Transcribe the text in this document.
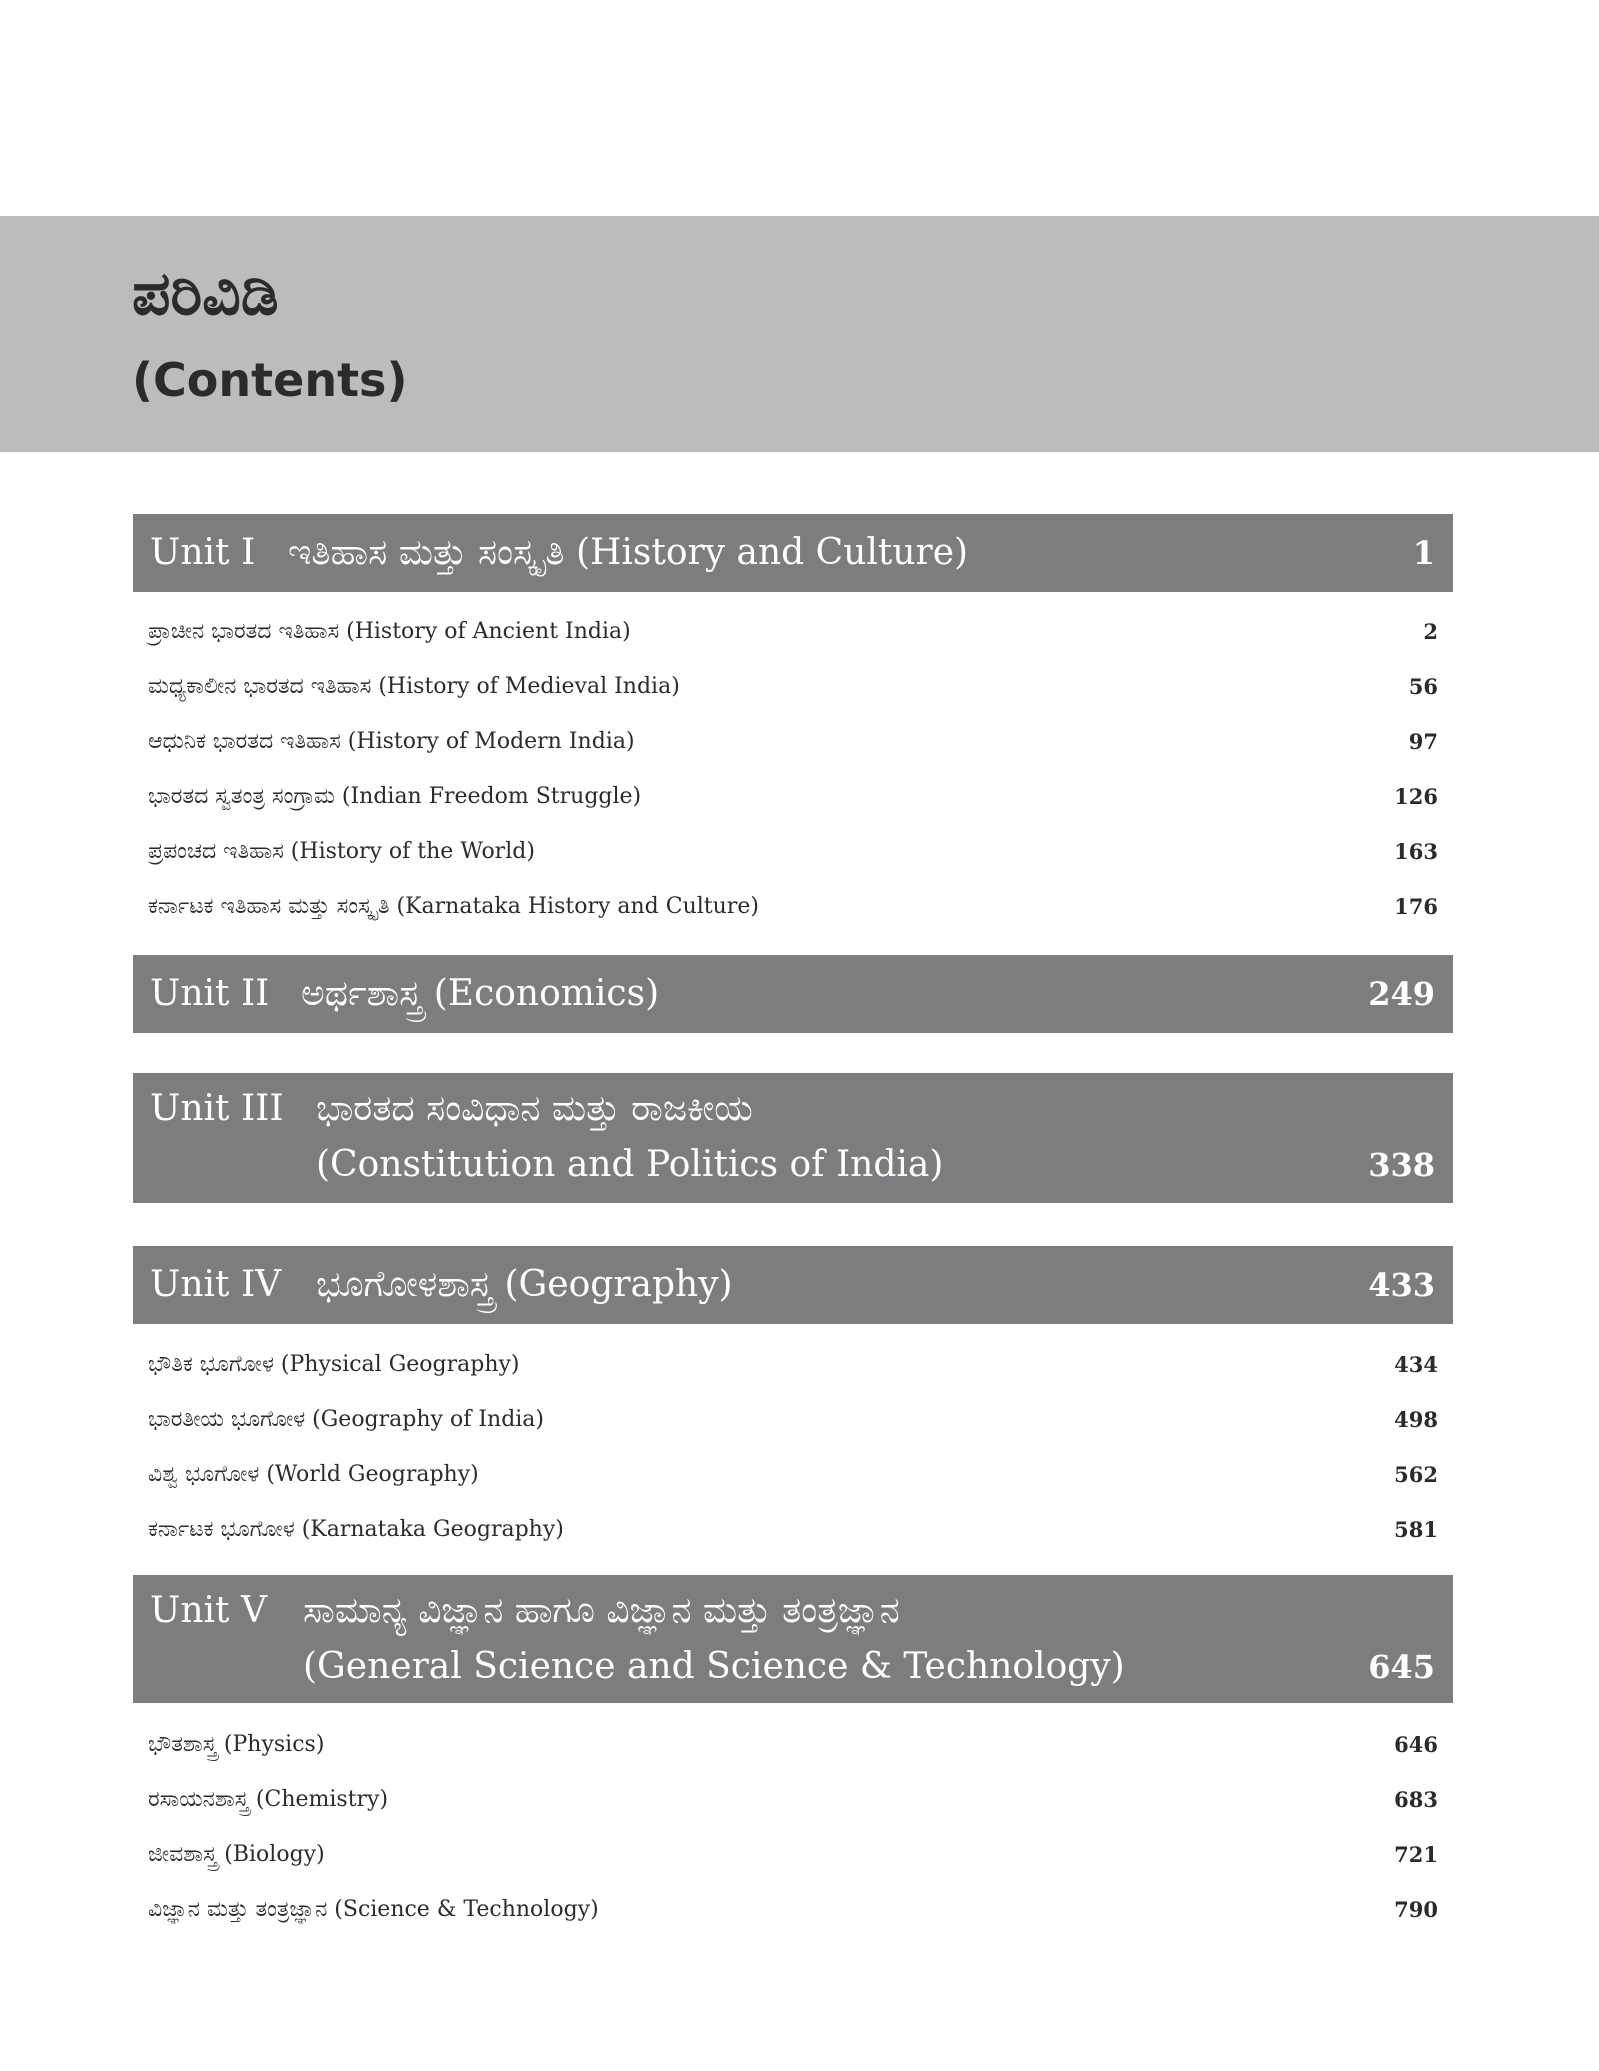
ಪರಿವಿಡಿ
(Contents)
Unit I ಇತಿಹಾಸ ಮತ್ತು ಸಂಸ್ಕೃತಿ (History and Culture)	1
ಪ್ರಾಚೀನ ಭಾರತದ ಇತಿಹಾಸ (History of Ancient India)	2
ಮಧ್ಯಕಾಲೀನ ಭಾರತದ ಇತಿಹಾಸ (History of Medieval India)	56
ಆಧುನಿಕ ಭಾರತದ ಇತಿಹಾಸ (History of Modern India)	97
ಭಾರತದ ಸ್ವತಂತ್ರ ಸಂಗ್ರಾಮ (Indian Freedom Struggle)	126
ಪ್ರಪಂಚದ ಇತಿಹಾಸ (History of the World)	163
ಕರ್ನಾಟಕ ಇತಿಹಾಸ ಮತ್ತು ಸಂಸ್ಕೃತಿ (Karnataka History and Culture)	176
Unit II ಅರ್ಥಶಾಸ್ತ್ರ (Economics)	249
Unit III ಭಾರತದ ಸಂವಿಧಾನ ಮತ್ತು ರಾಜಕೀಯ
(Constitution and Politics of India)	338
Unit IV ಭೂಗೋಳಶಾಸ್ತ್ರ (Geography)	433
ಭೌತಿಕ ಭೂಗೋಳ (Physical Geography)	434
ಭಾರತೀಯ ಭೂಗೋಳ (Geography of India)	498
ವಿಶ್ವ ಭೂಗೋಳ (World Geography)	562
ಕರ್ನಾಟಕ ಭೂಗೋಳ (Karnataka Geography)	581
Unit V ಸಾಮಾನ್ಯ ವಿಜ್ಞಾನ ಹಾಗೂ ವಿಜ್ಞಾನ ಮತ್ತು ತಂತ್ರಜ್ಞಾನ
(General Science and Science & Technology)	645
ಭೌತಶಾಸ್ತ್ರ (Physics)	646
ರಸಾಯನಶಾಸ್ತ್ರ (Chemistry)	683
ಜೀವಶಾಸ್ತ್ರ (Biology)	721
ವಿಜ್ಞಾನ ಮತ್ತು ತಂತ್ರಜ್ಞಾನ (Science & Technology)	790
